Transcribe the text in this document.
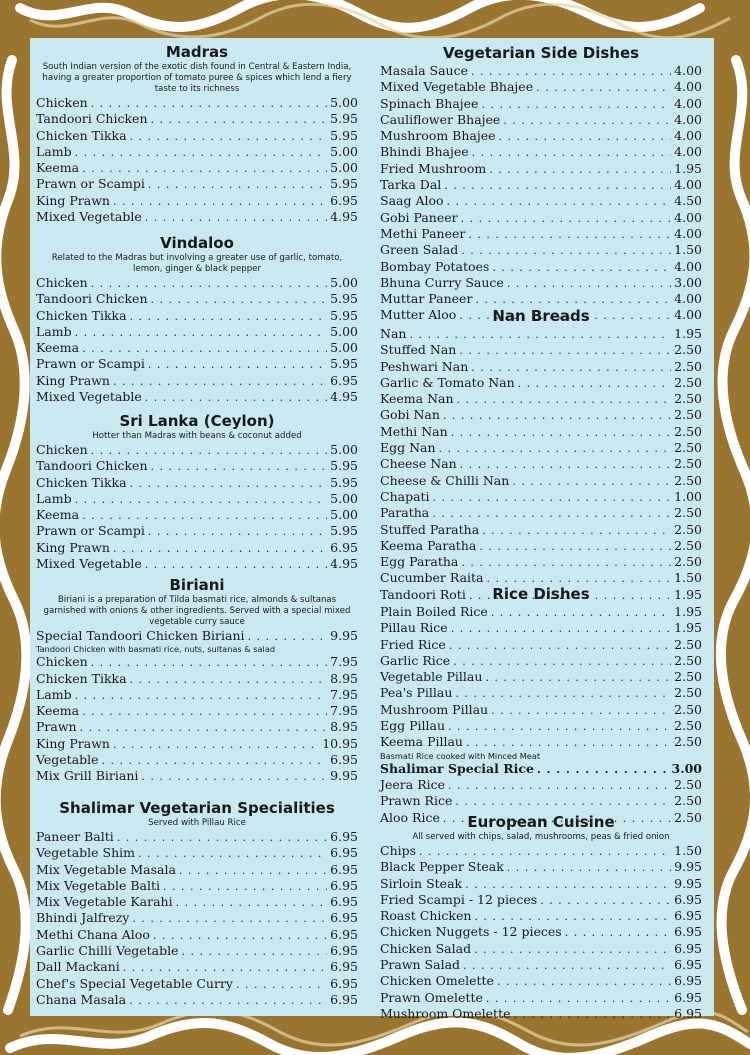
Madras
South Indian version of the exotic dish found in Central & Eastern India, having a greater proportion of tomato puree & spices which lend a fiery taste to its richness
Chicken . . .	5.00
Tandoori Chicken . . .	5.95
Chicken Tikka . . .	5.95
Lamb . . .	5.00
Keema . . .	5.00
Prawn or Scampi . . .	5.95
King Prawn . . .	6.95
Mixed Vegetable . . .	4.95
Vindaloo
Related to the Madras but involving a greater use of garlic, tomato, lemon, ginger & black pepper
Chicken . . .	5.00
Tandoori Chicken . . .	5.95
Chicken Tikka . . .	5.95
Lamb . . .	5.00
Keema . . .	5.00
Prawn or Scampi . . .	5.95
King Prawn . . .	6.95
Mixed Vegetable . . .	4.95
Sri Lanka (Ceylon)
Hotter than Madras with beans & coconut added
Chicken . . .	5.00
Tandoori Chicken . . .	5.95
Chicken Tikka . . .	5.95
Lamb . . .	5.00
Keema . . .	5.00
Prawn or Scampi . . .	5.95
King Prawn . . .	6.95
Mixed Vegetable . . .	4.95
Biriani
Biriani is a preparation of Tilda basmati rice, almonds & sultanas garnished with onions & other ingredients. Served with a special mixed vegetable curry sauce
Special Tandoori Chicken Biriani . . .	9.95
Tandoori Chicken with basmati rice, nuts, sultanas & salad
Chicken . . .	7.95
Chicken Tikka . . .	8.95
Lamb . . .	7.95
Keema . . .	7.95
Prawn . . .	8.95
King Prawn . . .	10.95
Vegetable . . .	6.95
Mix Grill Biriani . . .	9.95
Shalimar Vegetarian Specialities
Served with Pillau Rice
Paneer Balti . . .	6.95
Vegetable Shim . . .	6.95
Mix Vegetable Masala . . .	6.95
Mix Vegetable Balti . . .	6.95
Mix Vegetable Karahi . . .	6.95
Bhindi Jalfrezy . . .	6.95
Methi Chana Aloo . . .	6.95
Garlic Chilli Vegetable . . .	6.95
Dall Mackani . . .	6.95
Chef's Special Vegetable Curry . . .	6.95
Chana Masala . . .	6.95
Vegetarian Side Dishes
Masala Sauce . . .	4.00
Mixed Vegetable Bhajee . . .	4.00
Spinach Bhajee . . .	4.00
Cauliflower Bhajee . . .	4.00
Mushroom Bhajee . . .	4.00
Bhindi Bhajee . . .	4.00
Fried Mushroom . . .	1.95
Tarka Dal . . .	4.00
Saag Aloo . . .	4.50
Gobi Paneer . . .	4.00
Methi Paneer . . .	4.00
Green Salad . . .	1.50
Bombay Potatoes . . .	4.00
Bhuna Curry Sauce . . .	3.00
Muttar Paneer . . .	4.00
Mutter Aloo . . .	4.00
Nan Breads
Nan . . .	1.95
Stuffed Nan . . .	2.50
Peshwari Nan . . .	2.50
Garlic & Tomato Nan . . .	2.50
Keema Nan . . .	2.50
Gobi Nan . . .	2.50
Methi Nan . . .	2.50
Egg Nan . . .	2.50
Cheese Nan . . .	2.50
Cheese & Chilli Nan . . .	2.50
Chapati . . .	1.00
Paratha . . .	2.50
Stuffed Paratha . . .	2.50
Keema Paratha . . .	2.50
Egg Paratha . . .	2.50
Cucumber Raita . . .	1.50
Tandoori Roti . . .	1.95
Rice Dishes
Plain Boiled Rice . . .	1.95
Pillau Rice . . .	1.95
Fried Rice . . .	2.50
Garlic Rice . . .	2.50
Vegetable Pillau . . .	2.50
Pea's Pillau . . .	2.50
Mushroom Pillau . . .	2.50
Egg Pillau . . .	2.50
Keema Pillau . . .	2.50
Basmati Rice cooked with Minced Meat
Shalimar Special Rice . . .	3.00
Jeera Rice . . .	2.50
Prawn Rice . . .	2.50
Aloo Rice . . .	2.50
European Cuisine
All served with chips, salad, mushrooms, peas & fried onion
Chips . . .	1.50
Black Pepper Steak . . .	9.95
Sirloin Steak . . .	9.95
Fried Scampi - 12 pieces . . .	6.95
Roast Chicken . . .	6.95
Chicken Nuggets - 12 pieces . . .	6.95
Chicken Salad . . .	6.95
Prawn Salad . . .	6.95
Chicken Omelette . . .	6.95
Prawn Omelette . . .	6.95
Mushroom Omelette . . .	6.95
